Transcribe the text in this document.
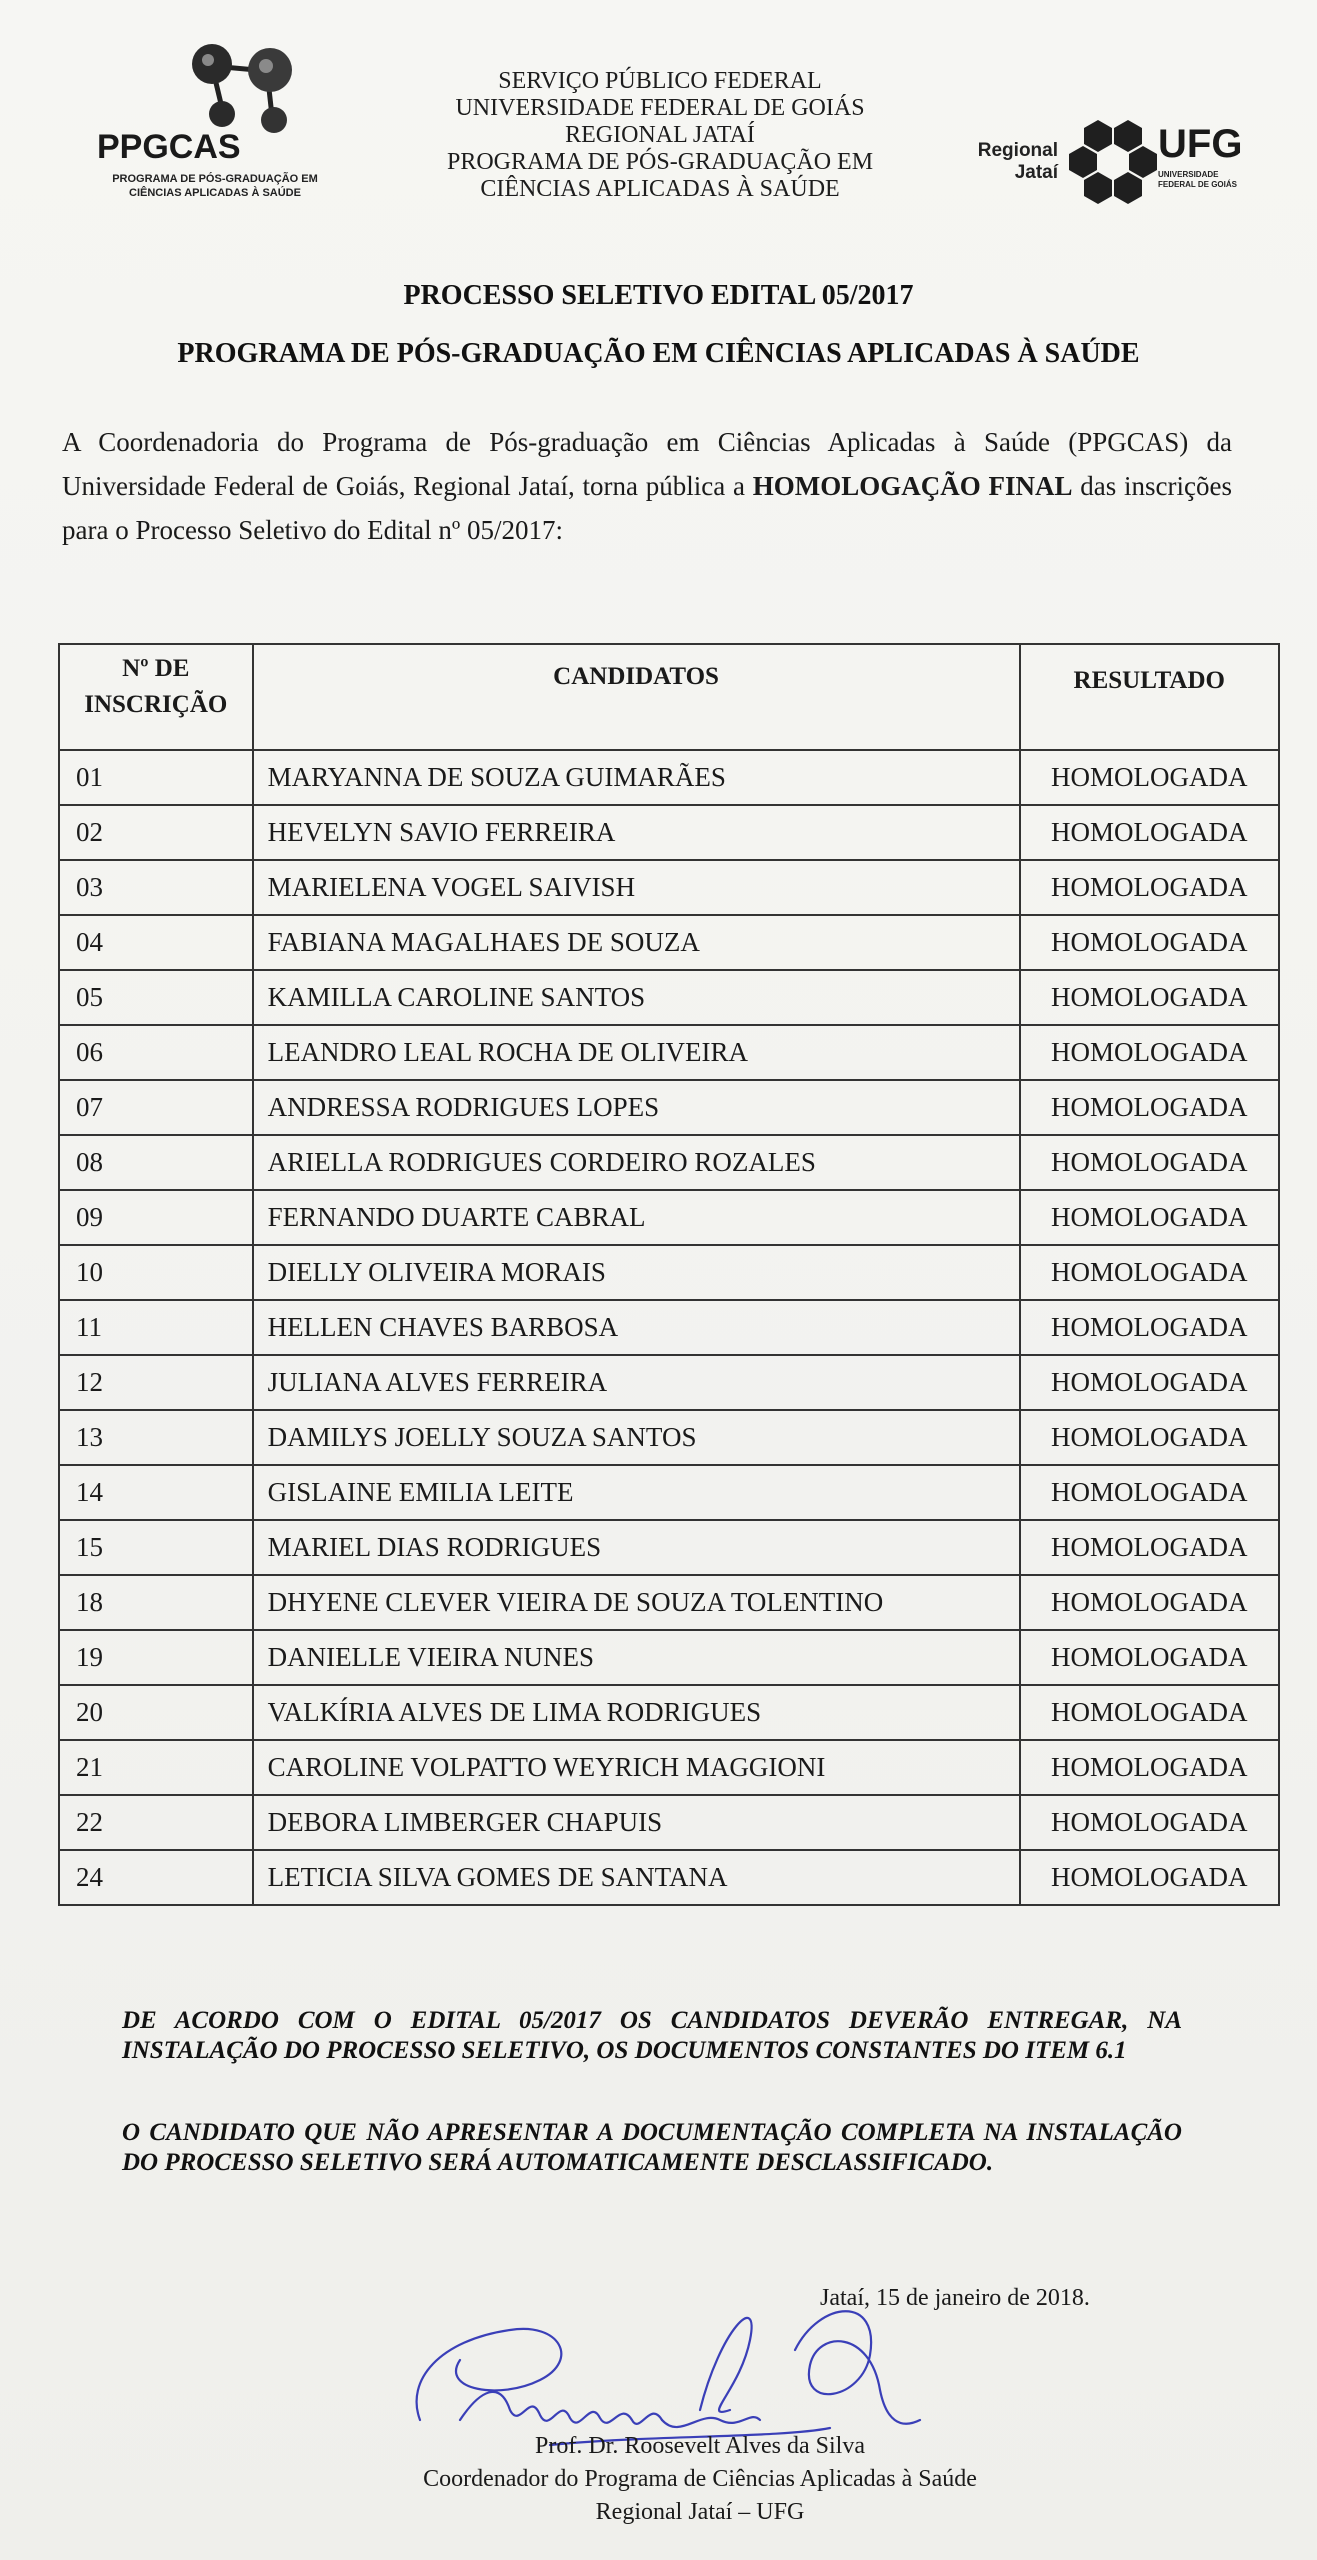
PPGCAS
PROGRAMA DE PÓS-GRADUAÇÃO EM CIÊNCIAS APLICADAS À SAÚDE
SERVIÇO PÚBLICO FEDERAL
UNIVERSIDADE FEDERAL DE GOIÁS
REGIONAL JATAÍ
PROGRAMA DE PÓS-GRADUAÇÃO EM
CIÊNCIAS APLICADAS À SAÚDE
Regional
Jataí
UFG
UNIVERSIDADE FEDERAL DE GOIÁS
PROCESSO SELETIVO EDITAL 05/2017
PROGRAMA DE PÓS-GRADUAÇÃO EM CIÊNCIAS APLICADAS À SAÚDE
A Coordenadoria do Programa de Pós-graduação em Ciências Aplicadas à Saúde (PPGCAS) da Universidade Federal de Goiás, Regional Jataí, torna pública a HOMOLOGAÇÃO FINAL das inscrições para o Processo Seletivo do Edital nº 05/2017:
Nº DE INSCRIÇÃO	CANDIDATOS	RESULTADO
01	MARYANNA DE SOUZA GUIMARÃES	HOMOLOGADA
02	HEVELYN SAVIO FERREIRA	HOMOLOGADA
03	MARIELENA VOGEL SAIVISH	HOMOLOGADA
04	FABIANA MAGALHAES DE SOUZA	HOMOLOGADA
05	KAMILLA CAROLINE SANTOS	HOMOLOGADA
06	LEANDRO LEAL ROCHA DE OLIVEIRA	HOMOLOGADA
07	ANDRESSA RODRIGUES LOPES	HOMOLOGADA
08	ARIELLA RODRIGUES CORDEIRO ROZALES	HOMOLOGADA
09	FERNANDO DUARTE CABRAL	HOMOLOGADA
10	DIELLY OLIVEIRA MORAIS	HOMOLOGADA
11	HELLEN CHAVES BARBOSA	HOMOLOGADA
12	JULIANA ALVES FERREIRA	HOMOLOGADA
13	DAMILYS JOELLY SOUZA SANTOS	HOMOLOGADA
14	GISLAINE EMILIA LEITE	HOMOLOGADA
15	MARIEL DIAS RODRIGUES	HOMOLOGADA
18	DHYENE CLEVER VIEIRA DE SOUZA TOLENTINO	HOMOLOGADA
19	DANIELLE VIEIRA NUNES	HOMOLOGADA
20	VALKÍRIA ALVES DE LIMA RODRIGUES	HOMOLOGADA
21	CAROLINE VOLPATTO WEYRICH MAGGIONI	HOMOLOGADA
22	DEBORA LIMBERGER CHAPUIS	HOMOLOGADA
24	LETICIA SILVA GOMES DE SANTANA	HOMOLOGADA
DE ACORDO COM O EDITAL 05/2017 OS CANDIDATOS DEVERÃO ENTREGAR, NA INSTALAÇÃO DO PROCESSO SELETIVO, OS DOCUMENTOS CONSTANTES DO ITEM 6.1
O CANDIDATO QUE NÃO APRESENTAR A DOCUMENTAÇÃO COMPLETA NA INSTALAÇÃO DO PROCESSO SELETIVO SERÁ AUTOMATICAMENTE DESCLASSIFICADO.
Jataí, 15 de janeiro de 2018.
Prof. Dr. Roosevelt Alves da Silva
Coordenador do Programa de Ciências Aplicadas à Saúde
Regional Jataí – UFG
